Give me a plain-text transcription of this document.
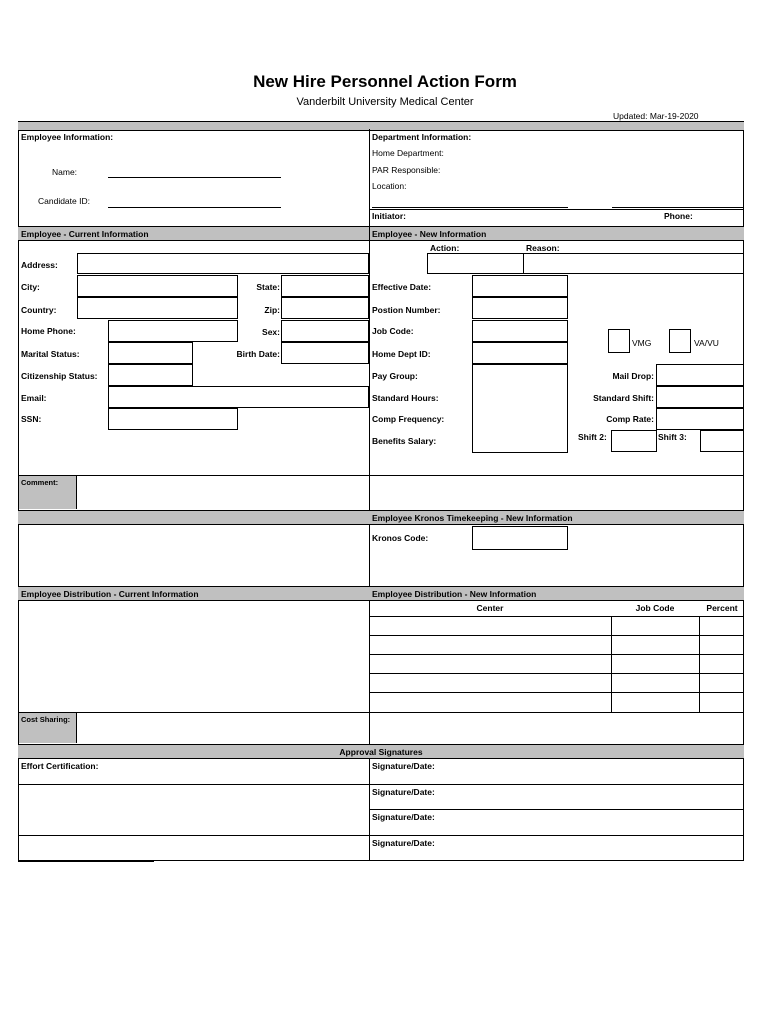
New Hire Personnel Action Form
Vanderbilt University Medical Center
Updated: Mar-19-2020
Employee Information:
Name:
Candidate ID:
Department Information:
Home Department:
PAR Responsible:
Location:
Initiator:	Phone:
Employee - Current Information	Employee - New Information
Address:
City:	State:
Country:	Zip:
Home Phone:	Sex:
Marital Status:	Birth Date:
Citizenship Status:
Email:
SSN:
Action:	Reason:
Effective Date:
Postion Number:
Job Code:
Home Dept ID:
Pay Group:
Standard Hours:
Comp Frequency:
Benefits Salary:
VMG	VA/VU
Mail Drop:
Standard Shift:
Comp Rate:
Shift 2:	Shift 3:
Comment:
Employee Kronos Timekeeping - New Information
Kronos Code:
Employee Distribution - Current Information	Employee Distribution - New Information
Center	Job Code	Percent
Cost Sharing:
Approval Signatures
Effort Certification:	Signature/Date:
Signature/Date:
Signature/Date:
Signature/Date:
